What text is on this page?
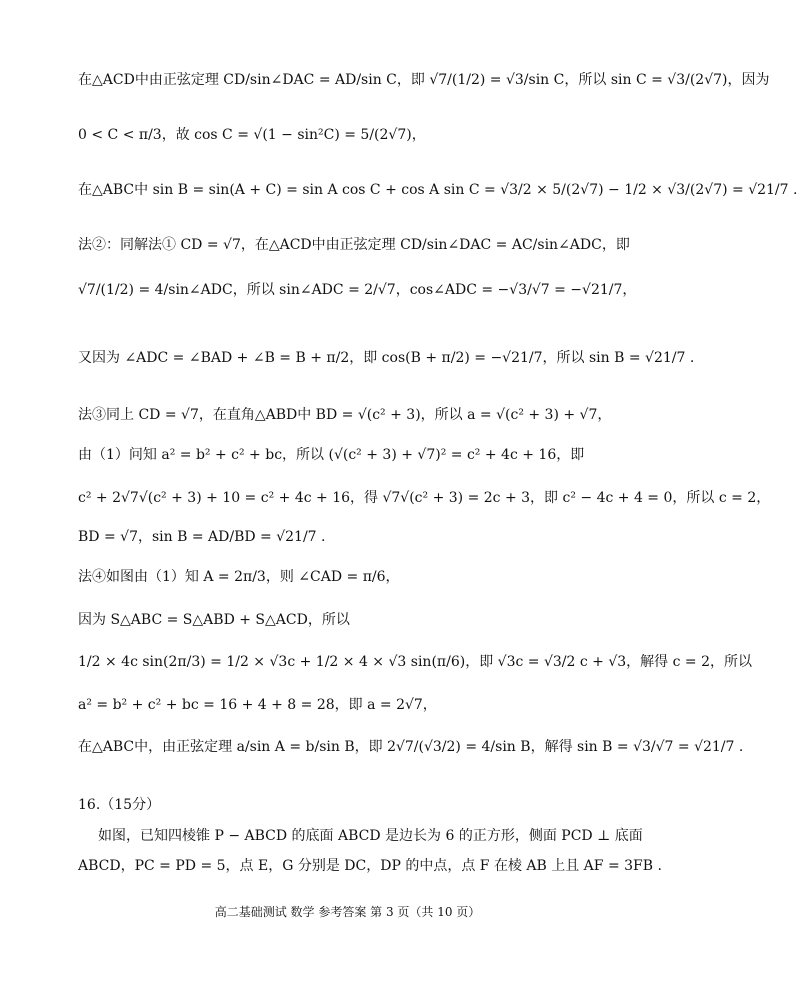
在△ACD中由正弦定理 CD/sin∠DAC = AD/sin C，即 √7/(1/2) = √3/sin C，所以 sin C = √3/(2√7)，因为
0 < C < π/3，故 cos C = √(1 − sin²C) = 5/(2√7)，
在△ABC中 sin B = sin(A + C) = sin A cos C + cos A sin C = √3/2 × 5/(2√7) − 1/2 × √3/(2√7) = √21/7 .
法②：同解法① CD = √7，在△ACD中由正弦定理 CD/sin∠DAC = AC/sin∠ADC，即
√7/(1/2) = 4/sin∠ADC，所以 sin∠ADC = 2/√7，cos∠ADC = −√3/√7 = −√21/7，
又因为 ∠ADC = ∠BAD + ∠B = B + π/2，即 cos(B + π/2) = −√21/7，所以 sin B = √21/7 .
法③同上 CD = √7，在直角△ABD中 BD = √(c² + 3)，所以 a = √(c² + 3) + √7，
由（1）问知 a² = b² + c² + bc，所以 (√(c² + 3) + √7)² = c² + 4c + 16，即
c² + 2√7√(c² + 3) + 10 = c² + 4c + 16，得 √7√(c² + 3) = 2c + 3，即 c² − 4c + 4 = 0，所以 c = 2，
BD = √7，sin B = AD/BD = √21/7 .
法④如图由（1）知 A = 2π/3，则 ∠CAD = π/6，
因为 S△ABC = S△ABD + S△ACD，所以
1/2 × 4c sin(2π/3) = 1/2 × √3c + 1/2 × 4 × √3 sin(π/6)，即 √3c = √3/2 c + √3，解得 c = 2，所以
a² = b² + c² + bc = 16 + 4 + 8 = 28，即 a = 2√7，
在△ABC中，由正弦定理 a/sin A = b/sin B，即 2√7/(√3/2) = 4/sin B，解得 sin B = √3/√7 = √21/7 .
16.（15分）
如图，已知四棱锥 P − ABCD 的底面 ABCD 是边长为 6 的正方形，侧面 PCD ⊥ 底面
ABCD，PC = PD = 5，点 E，G 分别是 DC，DP 的中点，点 F 在棱 AB 上且 AF = 3FB .
高二基础测试 数学 参考答案 第 3 页（共 10 页）
